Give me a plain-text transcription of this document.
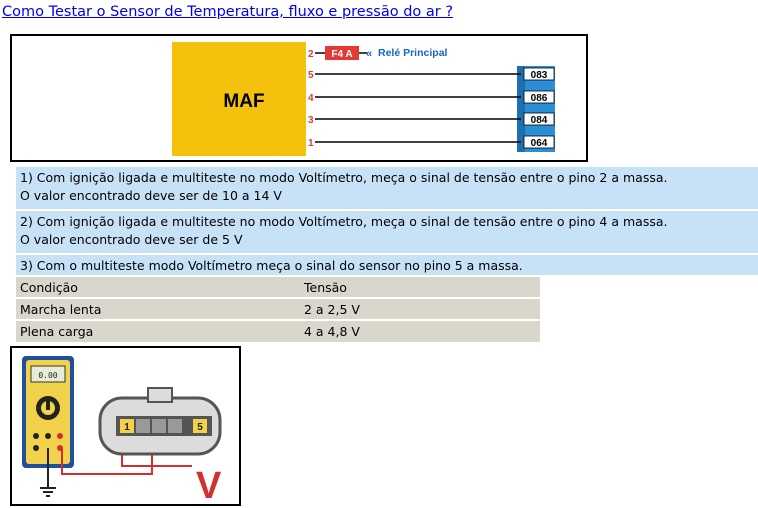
Como Testar o Sensor de Temperatura, fluxo e pressão do ar ?
MAF
2 F4 A « Relé Principal
5	083 S
4	086
3	084
1	064 S
1) Com ignição ligada e multiteste no modo Voltímetro, meça o sinal de tensão entre o pino 2 a massa.
O valor encontrado deve ser de 10 a 14 V
2) Com ignição ligada e multiteste no modo Voltímetro, meça o sinal de tensão entre o pino 4 a massa.
O valor encontrado deve ser de 5 V
3) Com o multiteste modo Voltímetro meça o sinal do sensor no pino 5 a massa.
Condição	Tensão
Marcha lenta	2 a 2,5 V
Plena carga	4 a 4,8 V
0.00
1	5
V
